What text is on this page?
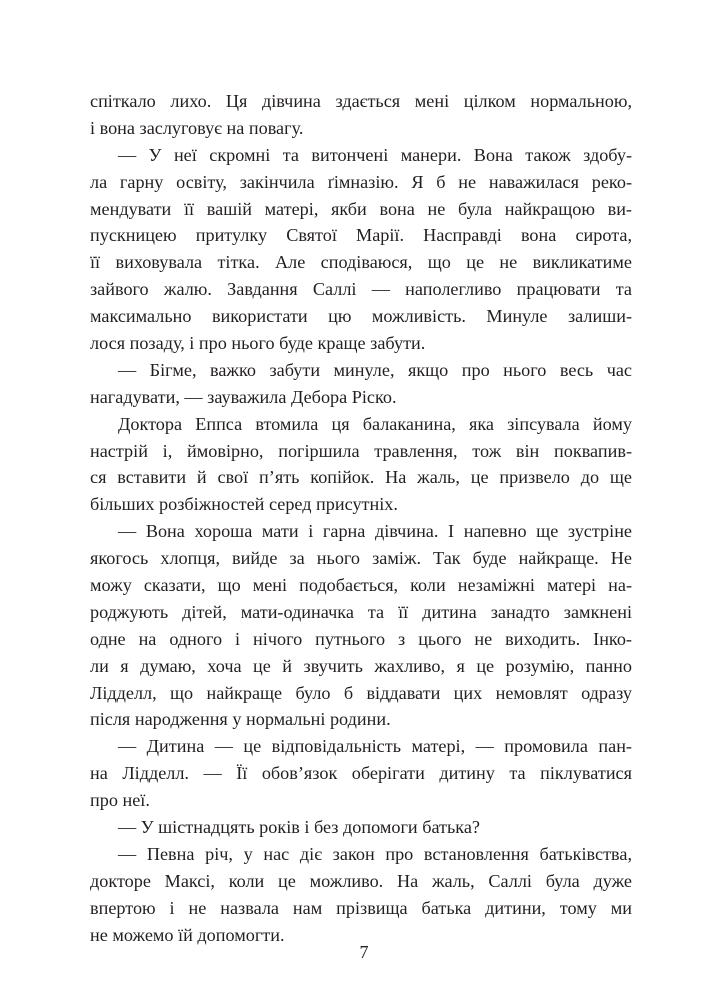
спіткало лихо. Ця дівчина здається мені цілком нормальною,
і вона заслуговує на повагу.
— У неї скромні та витончені манери. Вона також здобу-
ла гарну освіту, закінчила ґімназію. Я б не наважилася реко-
мендувати її вашій матері, якби вона не була найкращою ви-
пускницею притулку Святої Марії. Насправді вона сирота,
її виховувала тітка. Але сподіваюся, що це не викликатиме
зайвого жалю. Завдання Саллі — наполегливо працювати та
максимально використати цю можливість. Минуле залиши-
лося позаду, і про нього буде краще забути.
— Бігме, важко забути минуле, якщо про нього весь час
нагадувати, — зауважила Дебора Ріско.
Доктора Еппса втомила ця балаканина, яка зіпсувала йому
настрій і, ймовірно, погіршила травлення, тож він поквапив-
ся вставити й свої п’ять копійок. На жаль, це призвело до ще
більших розбіжностей серед присутніх.
— Вона хороша мати і гарна дівчина. І напевно ще зустріне
якогось хлопця, вийде за нього заміж. Так буде найкраще. Не
можу сказати, що мені подобається, коли незаміжні матері на-
роджують дітей, мати-одиначка та її дитина занадто замкнені
одне на одного і нічого путнього з цього не виходить. Інко-
ли я думаю, хоча це й звучить жахливо, я це розумію, панно
Лідделл, що найкраще було б віддавати цих немовлят одразу
після народження у нормальні родини.
— Дитина — це відповідальність матері, — промовила пан-
на Лідделл. — Її обов’язок оберігати дитину та піклуватися
про неї.
— У шістнадцять років і без допомоги батька?
— Певна річ, у нас діє закон про встановлення батьківства,
докторе Максі, коли це можливо. На жаль, Саллі була дуже
впертою і не назвала нам прізвища батька дитини, тому ми
не можемо їй допомогти.
7
